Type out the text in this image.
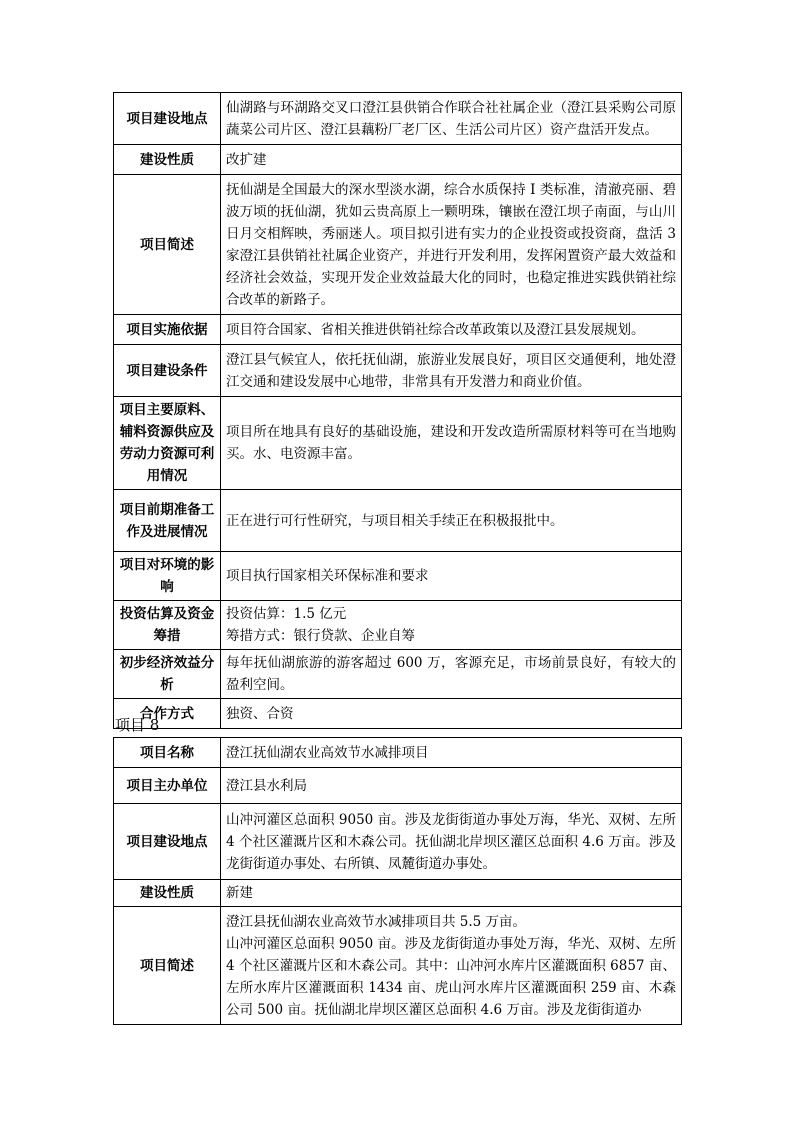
项目建设地点	仙湖路与环湖路交叉口澄江县供销合作联合社社属企业（澄江县采购公司原蔬菜公司片区、澄江县藕粉厂老厂区、生活公司片区）资产盘活开发点。

建设性质	改扩建

项目简述	抚仙湖是全国最大的深水型淡水湖，综合水质保持 I 类标准，清澈亮丽、碧波万顷的抚仙湖，犹如云贵高原上一颗明珠，镶嵌在澄江坝子南面，与山川日月交相辉映，秀丽迷人。项目拟引进有实力的企业投资或投资商，盘活 3 家澄江县供销社社属企业资产，并进行开发利用，发挥闲置资产最大效益和经济社会效益，实现开发企业效益最大化的同时，也稳定推进实践供销社综合改革的新路子。

项目实施依据	项目符合国家、省相关推进供销社综合改革政策以及澄江县发展规划。

项目建设条件	澄江县气候宜人，依托抚仙湖，旅游业发展良好，项目区交通便利，地处澄江交通和建设发展中心地带，非常具有开发潜力和商业价值。

项目主要原料、辅料资源供应及劳动力资源可利用情况	项目所在地具有良好的基础设施，建设和开发改造所需原材料等可在当地购买。水、电资源丰富。

项目前期准备工作及进展情况	正在进行可行性研究，与项目相关手续正在积极报批中。

项目对环境的影响	项目执行国家相关环保标准和要求

投资估算及资金筹措	投资估算：1.5 亿元
筹措方式：银行贷款、企业自筹

初步经济效益分析	每年抚仙湖旅游的游客超过 600 万，客源充足，市场前景良好，有较大的盈利空间。

合作方式	独资、合资
项目 8
项目名称	澄江抚仙湖农业高效节水减排项目

项目主办单位	澄江县水利局

项目建设地点	山冲河灌区总面积 9050 亩。涉及龙街街道办事处万海，华光、双树、左所 4 个社区灌溉片区和木森公司。抚仙湖北岸坝区灌区总面积 4.6 万亩。涉及龙街街道办事处、右所镇、凤麓街道办事处。

建设性质	新建

项目简述	澄江县抚仙湖农业高效节水减排项目共 5.5 万亩。
山冲河灌区总面积 9050 亩。涉及龙街街道办事处万海，华光、双树、左所 4 个社区灌溉片区和木森公司。其中：山冲河水库片区灌溉面积 6857 亩、左所水库片区灌溉面积 1434 亩、虎山河水库片区灌溉面积 259 亩、木森公司 500 亩。抚仙湖北岸坝区灌区总面积 4.6 万亩。涉及龙街街道办
